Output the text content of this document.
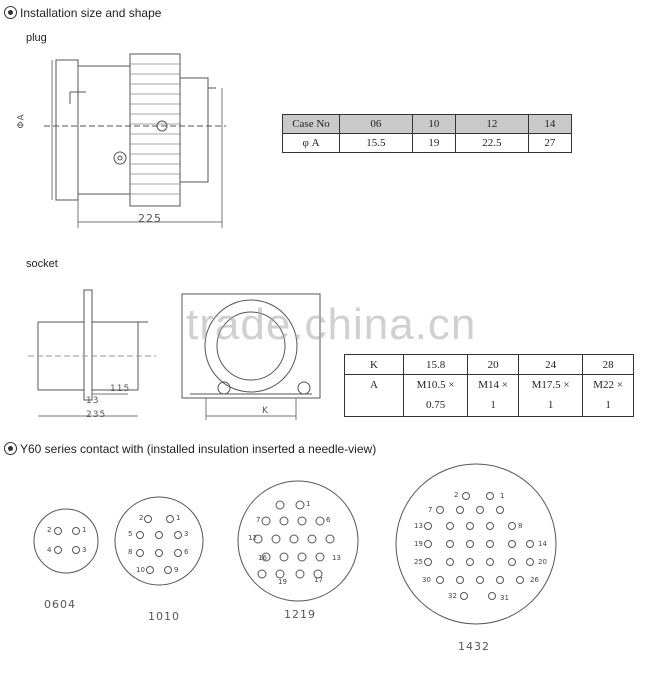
Installation size and shape
plug
ΦA
225
Case No	06	10	12	14
φ A	15.5	19	22.5	27
socket
115
13
235	K
K	15.8	20	24	28
A	M10.5 ×	M14 ×	M17.5 ×	M22 ×
	0.75	1	1	1
trade.china.cn
Y60 series contact with (installed insulation inserted a needle-view)
2	1
4	3
2	1
5	3
8	6
10	9
1
6
7
12
13
16
17
19
1
2
7
8
13
14
19
20
25
26
30
31
32
0604
1010	1219
1432
